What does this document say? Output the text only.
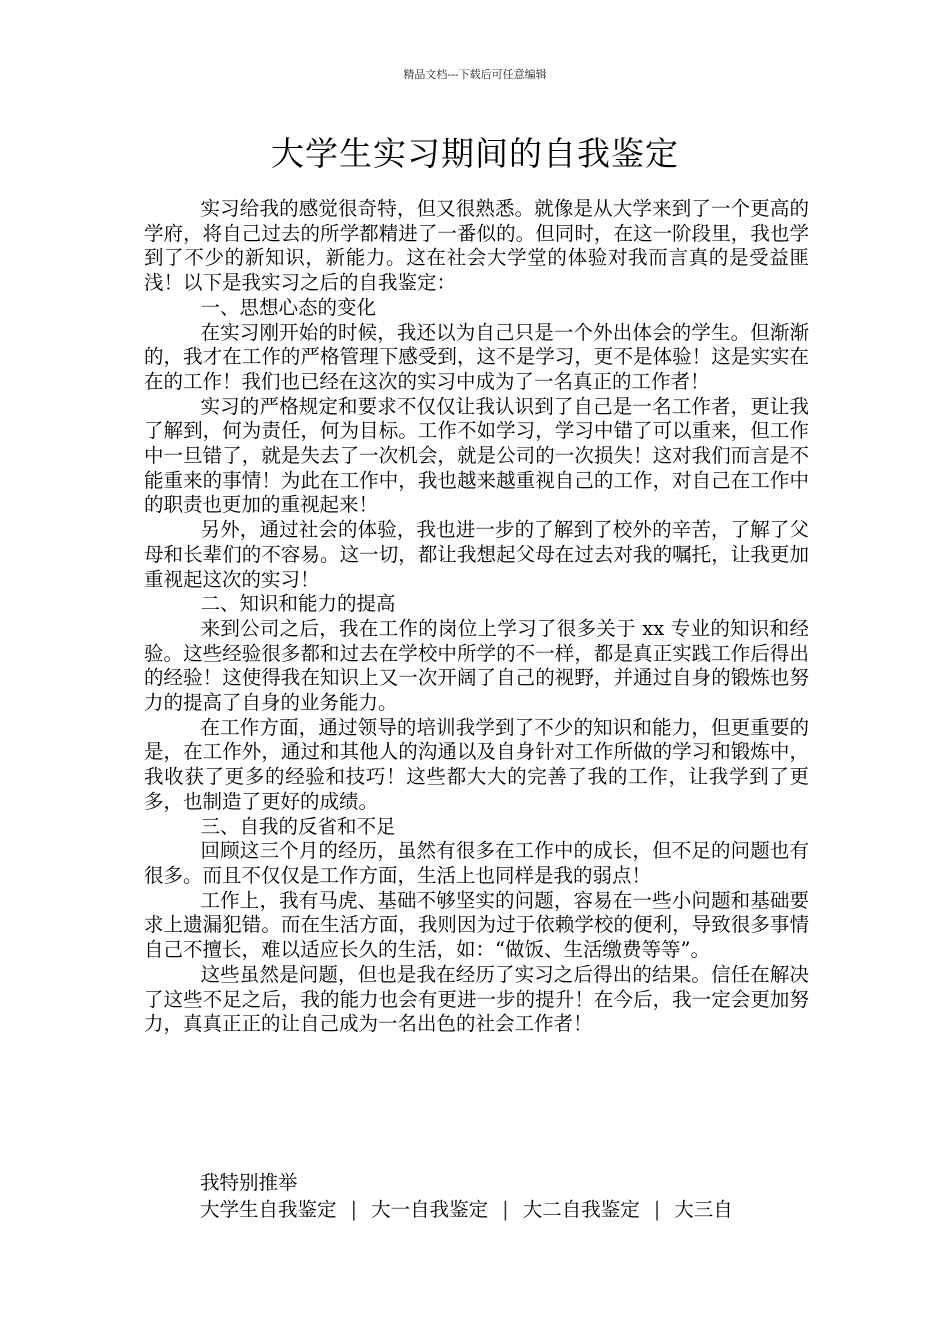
精品文档---下载后可任意编辑
大学生实习期间的自我鉴定

实习给我的感觉很奇特，但又很熟悉。就像是从大学来到了一个更高的学府，将自己过去的所学都精进了一番似的。但同时，在这一阶段里，我也学到了不少的新知识，新能力。这在社会大学堂的体验对我而言真的是受益匪浅！以下是我实习之后的自我鉴定：

一、思想心态的变化

在实习刚开始的时候，我还以为自己只是一个外出体会的学生。但渐渐的，我才在工作的严格管理下感受到，这不是学习，更不是体验！这是实实在在的工作！我们也已经在这次的实习中成为了一名真正的工作者！

实习的严格规定和要求不仅仅让我认识到了自己是一名工作者，更让我了解到，何为责任，何为目标。工作不如学习，学习中错了可以重来，但工作中一旦错了，就是失去了一次机会，就是公司的一次损失！这对我们而言是不能重来的事情！为此在工作中，我也越来越重视自己的工作，对自己在工作中的职责也更加的重视起来！

另外，通过社会的体验，我也进一步的了解到了校外的辛苦，了解了父母和长辈们的不容易。这一切，都让我想起父母在过去对我的嘱托，让我更加重视起这次的实习！

二、知识和能力的提高

来到公司之后，我在工作的岗位上学习了很多关于 xx 专业的知识和经验。这些经验很多都和过去在学校中所学的不一样，都是真正实践工作后得出的经验！这使得我在知识上又一次开阔了自己的视野，并通过自身的锻炼也努力的提高了自身的业务能力。

在工作方面，通过领导的培训我学到了不少的知识和能力，但更重要的是，在工作外，通过和其他人的沟通以及自身针对工作所做的学习和锻炼中，我收获了更多的经验和技巧！这些都大大的完善了我的工作，让我学到了更多，也制造了更好的成绩。

三、自我的反省和不足

回顾这三个月的经历，虽然有很多在工作中的成长，但不足的问题也有很多。而且不仅仅是工作方面，生活上也同样是我的弱点！

工作上，我有马虎、基础不够坚实的问题，容易在一些小问题和基础要求上遗漏犯错。而在生活方面，我则因为过于依赖学校的便利，导致很多事情自己不擅长，难以适应长久的生活，如：“做饭、生活缴费等等”。

这些虽然是问题，但也是我在经历了实习之后得出的结果。信任在解决了这些不足之后，我的能力也会有更进一步的提升！在今后，我一定会更加努力，真真正正的让自己成为一名出色的社会工作者！

我特别推举
大学生自我鉴定 | 大一自我鉴定 | 大二自我鉴定 | 大三自
